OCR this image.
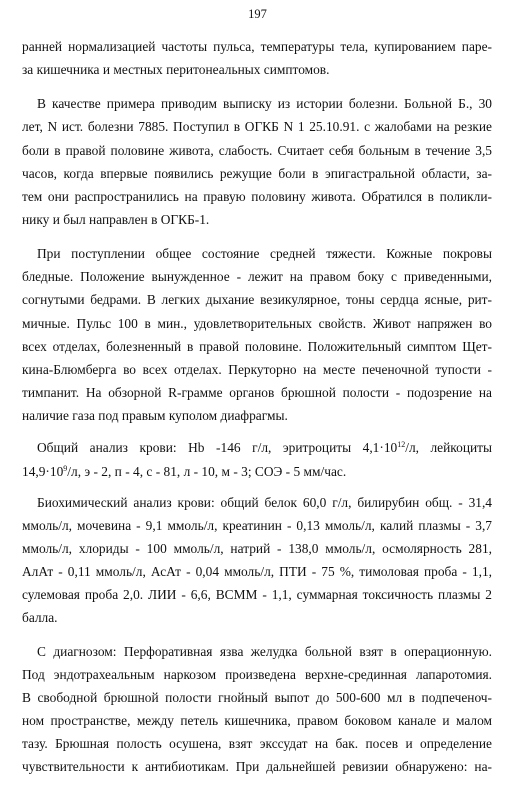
197
ранней нормализацией частоты пульса, температуры тела, купированием паре-
за кишечника и местных перитонеальных симптомов.
В качестве примера приводим выписку из истории болезни. Больной Б., 30
лет, N ист. болезни 7885. Поступил в ОГКБ N 1 25.10.91. с жалобами на резкие
боли в правой половине живота, слабость. Считает себя больным в течение 3,5
часов, когда впервые появились режущие боли в эпигастральной области, за-
тем они распространились на правую половину живота. Обратился в поликли-
нику и был направлен в ОГКБ-1.
При поступлении общее состояние средней тяжести. Кожные покровы
бледные. Положение вынужденное - лежит на правом боку с приведенными,
согнутыми бедрами. В легких дыхание везикулярное, тоны сердца ясные, рит-
мичные. Пульс 100 в мин., удовлетворительных свойств. Живот напряжен во
всех отделах, болезненный в правой половине. Положительный симптом Щет-
кина-Блюмберга во всех отделах. Перкуторно на месте печеночной тупости -
тимпанит. На обзорной R-грамме органов брюшной полости - подозрение на
наличие газа под правым куполом диафрагмы.
Общий анализ крови: Hb -146 г/л, эритроциты $4,1\cdot 10^{12}/л$, лейкоциты
$14,9\cdot 10^9/л$, э - 2, п - 4, с - 81, л - 10, м - 3; СОЭ - 5 мм/час.
Биохимический анализ крови: общий белок 60,0 г/л, билирубин общ. - 31,4
ммоль/л, мочевина - 9,1 ммоль/л, креатинин - 0,13 ммоль/л, калий плазмы - 3,7
ммоль/л, хлориды - 100 ммоль/л, натрий - 138,0 ммоль/л, осмолярность 281,
АлАт - 0,11 ммоль/л, АсАт - 0,04 ммоль/л, ПТИ - 75 %, тимоловая проба - 1,1,
сулемовая проба 2,0. ЛИИ - 6,6, ВСММ - 1,1, суммарная токсичность плазмы 2
балла.
С диагнозом: Перфоративная язва желудка больной взят в операционную.
Под эндотрахеальным наркозом произведена верхне-срединная лапаротомия.
В свободной брюшной полости гнойный выпот до 500-600 мл в подпеченоч-
ном пространстве, между петель кишечника, правом боковом канале и малом
тазу. Брюшная полость осушена, взят экссудат на бак. посев и определение
чувствительности к антибиотикам. При дальнейшей ревизии обнаружено: на-
